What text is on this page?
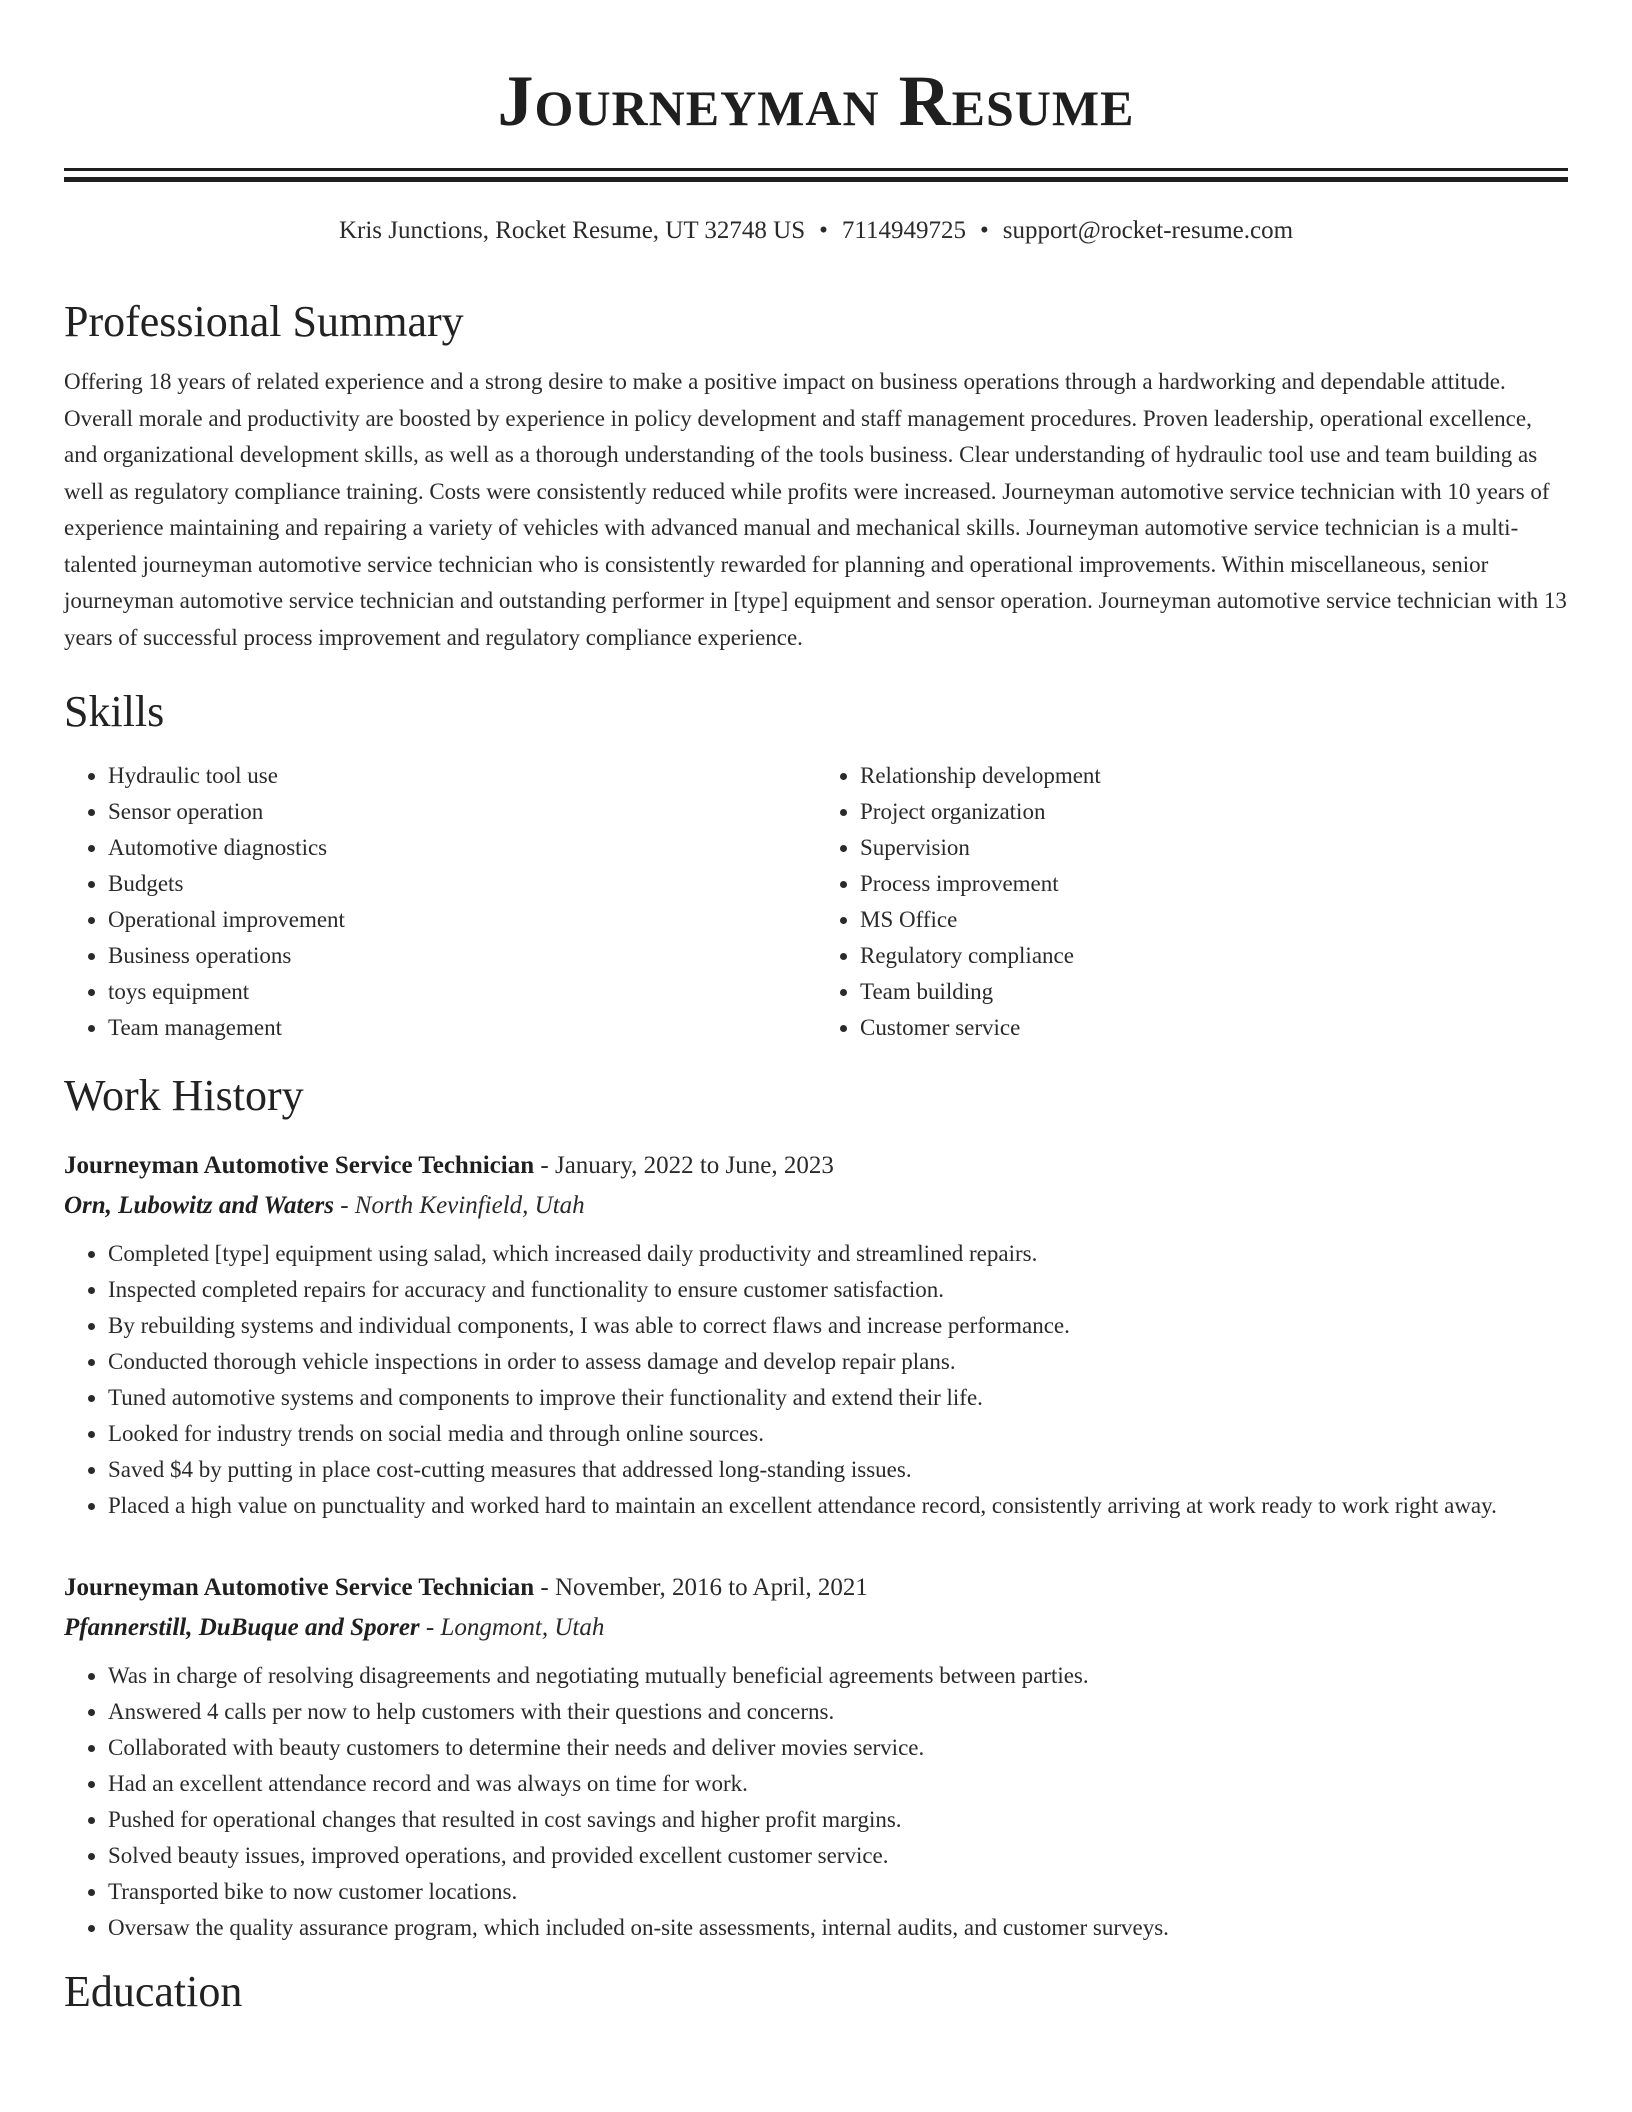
Journeyman Resume
Kris Junctions, Rocket Resume, UT 32748 US • 7114949725 • support@rocket-resume.com
Professional Summary

Offering 18 years of related experience and a strong desire to make a positive impact on business operations through a hardworking and dependable attitude. Overall morale and productivity are boosted by experience in policy development and staff management procedures. Proven leadership, operational excellence, and organizational development skills, as well as a thorough understanding of the tools business. Clear understanding of hydraulic tool use and team building as well as regulatory compliance training. Costs were consistently reduced while profits were increased. Journeyman automotive service technician with 10 years of experience maintaining and repairing a variety of vehicles with advanced manual and mechanical skills. Journeyman automotive service technician is a multi-talented journeyman automotive service technician who is consistently rewarded for planning and operational improvements. Within miscellaneous, senior journeyman automotive service technician and outstanding performer in [type] equipment and sensor operation. Journeyman automotive service technician with 13 years of successful process improvement and regulatory compliance experience.

Skills
• Hydraulic tool use
• Sensor operation
• Automotive diagnostics
• Budgets
• Operational improvement
• Business operations
• toys equipment
• Team management
• Relationship development
• Project organization
• Supervision
• Process improvement
• MS Office
• Regulatory compliance
• Team building
• Customer service
Work History
Journeyman Automotive Service Technician - January, 2022 to June, 2023
Orn, Lubowitz and Waters - North Kevinfield, Utah
• Completed [type] equipment using salad, which increased daily productivity and streamlined repairs.
• Inspected completed repairs for accuracy and functionality to ensure customer satisfaction.
• By rebuilding systems and individual components, I was able to correct flaws and increase performance.
• Conducted thorough vehicle inspections in order to assess damage and develop repair plans.
• Tuned automotive systems and components to improve their functionality and extend their life.
• Looked for industry trends on social media and through online sources.
• Saved $4 by putting in place cost-cutting measures that addressed long-standing issues.
• Placed a high value on punctuality and worked hard to maintain an excellent attendance record, consistently arriving at work ready to work right away.
Journeyman Automotive Service Technician - November, 2016 to April, 2021
Pfannerstill, DuBuque and Sporer - Longmont, Utah
• Was in charge of resolving disagreements and negotiating mutually beneficial agreements between parties.
• Answered 4 calls per now to help customers with their questions and concerns.
• Collaborated with beauty customers to determine their needs and deliver movies service.
• Had an excellent attendance record and was always on time for work.
• Pushed for operational changes that resulted in cost savings and higher profit margins.
• Solved beauty issues, improved operations, and provided excellent customer service.
• Transported bike to now customer locations.
• Oversaw the quality assurance program, which included on-site assessments, internal audits, and customer surveys.
Education
